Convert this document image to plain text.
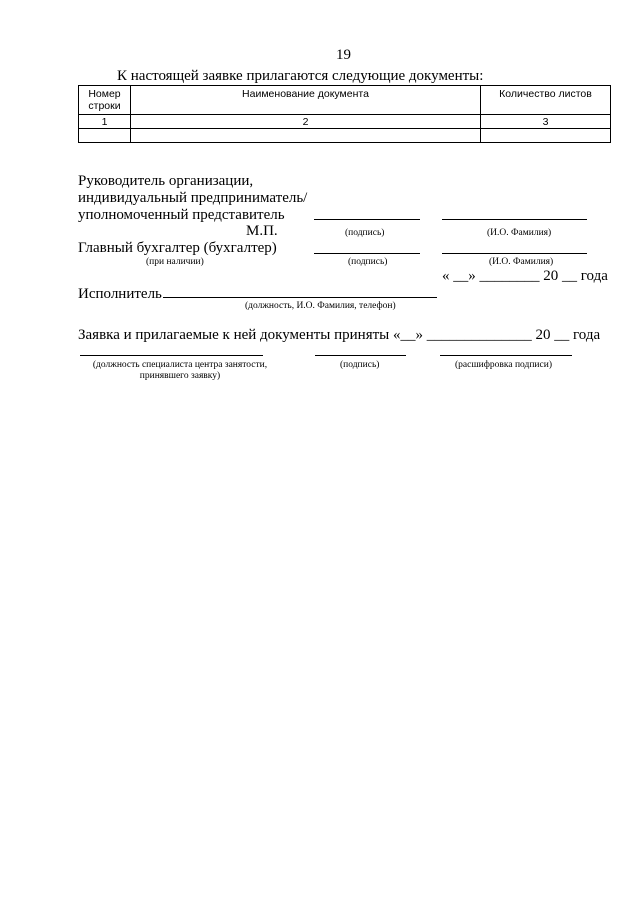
19
К настоящей заявке прилагаются следующие документы:
Номер
строки	Наименование документа	Количество листов
1	2	3

Руководитель организации,
индивидуальный предприниматель/
уполномоченный представитель
М.П.	(подпись)	(И.О. Фамилия)
Главный бухгалтер (бухгалтер)
(при наличии)	(подпись)	(И.О. Фамилия)
« __» ________ 20 __ года
Исполнитель
(должность, И.О. Фамилия, телефон)
Заявка и прилагаемые к ней документы приняты «__» ______________ 20 __ года
(должность специалиста центра занятости,
принявшего заявку)
(подпись)	(расшифровка подписи)
